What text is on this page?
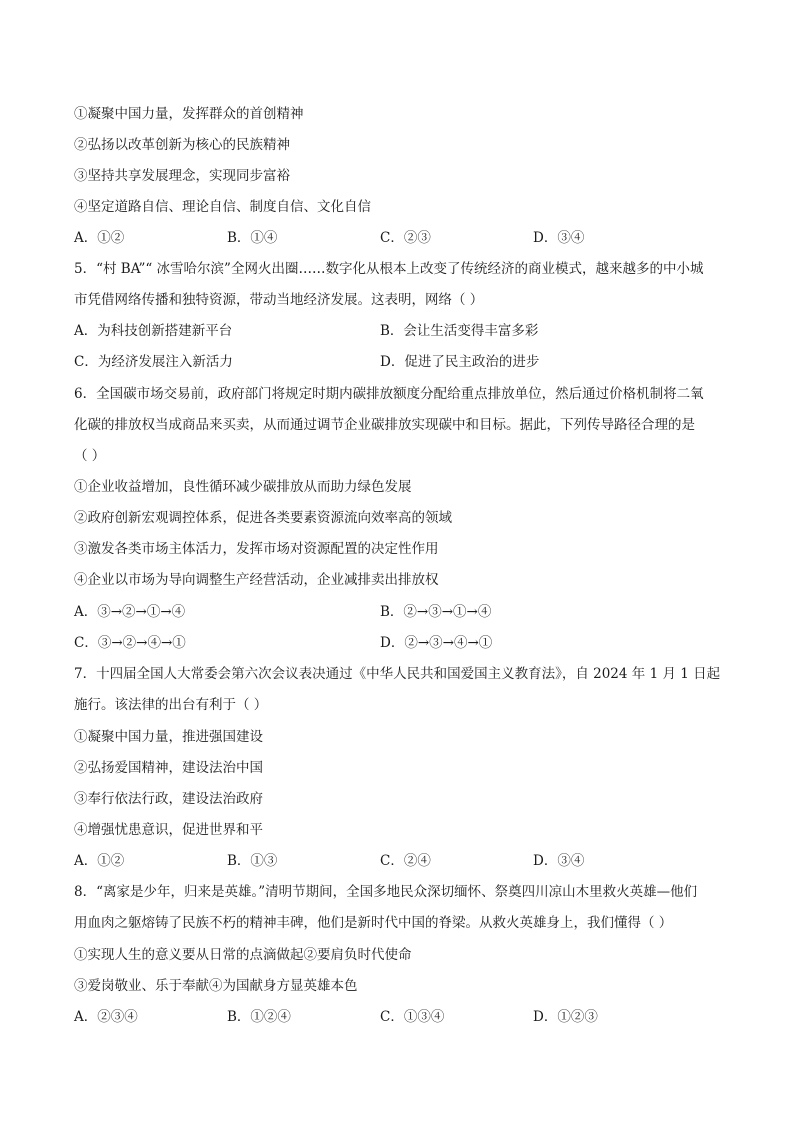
①凝聚中国力量，发挥群众的首创精神
②弘扬以改革创新为核心的民族精神
③坚持共享发展理念，实现同步富裕
④坚定道路自信、理论自信、制度自信、文化自信
A．①②	B．①④	C．②③	D．③④
5．“村 BA”“ 冰雪哈尔滨”全网火出圈……数字化从根本上改变了传统经济的商业模式，越来越多的中小城
市凭借网络传播和独特资源，带动当地经济发展。这表明，网络（ ）
A．为科技创新搭建新平台	B．会让生活变得丰富多彩
C．为经济发展注入新活力	D．促进了民主政治的进步
6．全国碳市场交易前，政府部门将规定时期内碳排放额度分配给重点排放单位，然后通过价格机制将二氧
化碳的排放权当成商品来买卖，从而通过调节企业碳排放实现碳中和目标。据此，下列传导路径合理的是
（ ）
①企业收益增加，良性循环减少碳排放从而助力绿色发展
②政府创新宏观调控体系，促进各类要素资源流向效率高的领域
③激发各类市场主体活力，发挥市场对资源配置的决定性作用
④企业以市场为导向调整生产经营活动，企业减排卖出排放权
A．③→②→①→④	B．②→③→①→④
C．③→②→④→①	D．②→③→④→①
7．十四届全国人大常委会第六次会议表决通过《中华人民共和国爱国主义教育法》，自 2024 年 1 月 1 日起
施行。该法律的出台有利于（ ）
①凝聚中国力量，推进强国建设
②弘扬爱国精神，建设法治中国
③奉行依法行政，建设法治政府
④增强忧患意识，促进世界和平
A．①②	B．①③	C．②④	D．③④
8．“离家是少年，归来是英雄。”清明节期间，全国多地民众深切缅怀、祭奠四川凉山木里救火英雄—他们
用血肉之躯熔铸了民族不朽的精神丰碑，他们是新时代中国的脊梁。从救火英雄身上，我们懂得（ ）
①实现人生的意义要从日常的点滴做起②要肩负时代使命
③爱岗敬业、乐于奉献④为国献身方显英雄本色
A．②③④	B．①②④	C．①③④	D．①②③
